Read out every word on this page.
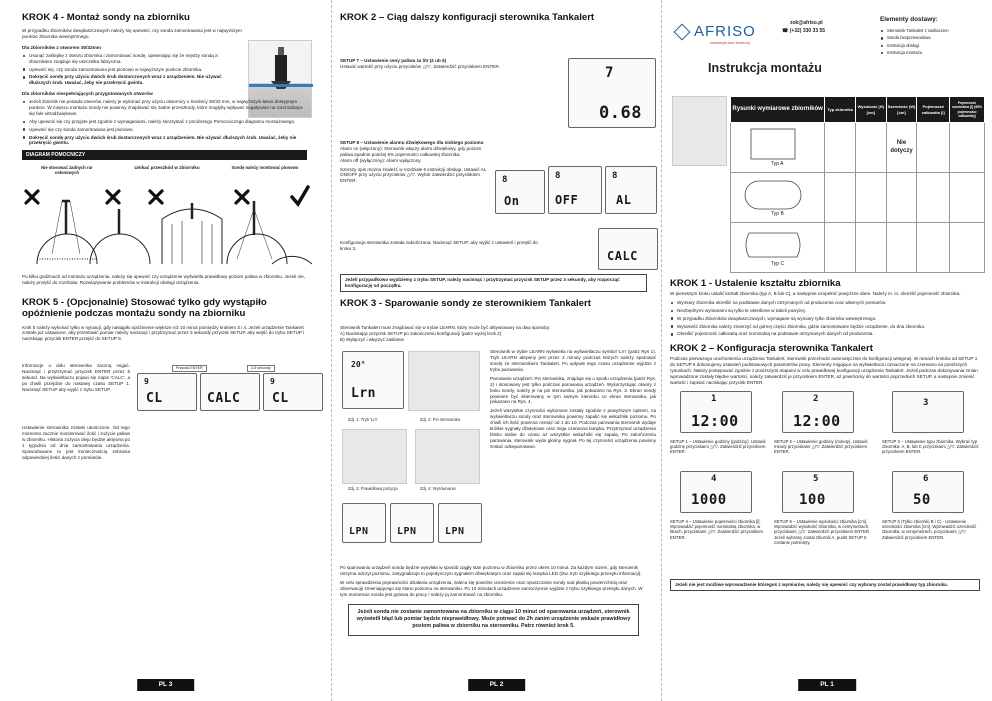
KROK 4 - Montaż sondy na zbiorniku

W przypadku zbiorników dwupłaszczowych należy się upewnić, czy sonda zamontowana jest w najwyższym punkcie zbiornika wewnętrznego.

Dla zbiorników z otworem 30/32mm
Usunąć zaślepkę z otworu zbiornika i zamontować sondę, upewniając się że między sondą a zbiornikiem znajduje się uszczelka fabryczna.
Upewnić się, czy sonda zamontowana jest pionowo w najwyższym punkcie zbiornika.
Dokręcić sondę przy użyciu dwóch śrub dostarczonych wraz z urządzeniem. Nie używać dłuższych śrub. Uważać, żeby nie przekręcić gwintu.
Dla zbiorników niespełniających przygotowanych otworów
Jeżeli zbiornik nie posiada otworów, należy je wykonać przy użyciu otwornicy o średnicy 30/32 mm, w najwyższym łatwo dostępnym punkcie. W miejscu montażu sondy nie powinny znajdować się żadne przeszkody, które mogłyby wpływać negatywnie na rozchodzące się fale ultradźwiękowe.
Aby upewnić się czy przyjęte jest zgodne z wymaganiami, należy skorzystać z poniższego Pomocniczego diagramu montażowego.
Upewnić się czy sonda zamontowana jest pionowo.
Dokręcić sondę przy użyciu dwóch śrub dostarczonych wraz z urządzeniem. Nie używać dłuższych śrub. Uważać, żeby nie przekręcić gwintu.
DIAGRAM POMOCNICZY
Nie stosować żadnych rur osłonowych
Unikać przeszkód w zbiorniku	Sondę należy montować pionowo

Po kilku godzinach od montażu urządzenia, należy się upewnić czy urządzenie wyświetla prawidłowy poziom paliwa w zbiorniku. Jeżeli nie, należy przejść do rozdziału: Rozwiązywanie problemów w instrukcji obsługi urządzenia.

KROK 5 - (Opcjonalnie) Stosować tylko gdy wystąpiło opóźnienie podczas montażu sondy na zbiorniku

Krok 5 należy wykonać tylko w sytuacji, gdy nastąpiło opóźnienie większe niż 10 minut pomiędzy krokiem 3 i 4. Jeżeli urządzenie Tankalert zostało już ustawione, aby przestawić pomiar należy nacisnąć i przytrzymać przez 3 sekundy przycisk SETUP, aby wejść do trybu SETUP i naciskając przycisk ENTER przejść do SETUP 9.

Informacje u dołu sterownika zaczną migać. Nacisnąć i przytrzymać przycisk ENTER przez 5 sekund. Na wyświetlaczu pojawi się napis 'CALC', a po chwili przejdzie do nastawy czasu SETUP 1. Nacisnąć SETUP aby wyjść z trybu SETUP.

Ustawienie sterownika zostało ukończone. Od tego momentu zacznie monitorować ilość i zużycie paliwa w zbiorniku. Historia zużycia oleju będzie aktywna po 1 tygodniu od dnia zamontowania urządzenia. Spowodowane to jest koniecznością zebrania odpowiedniej ilości danych z pomiarów.

Przycisk ENTER	2-5 sekundy
9
CL	CALC
9
CL
PL 3
KROK 2 – Ciąg dalszy konfiguracji sterownika Tankalert

SETUP 7 – Ustawienie ceny paliwa za litr (£ ub $)

Ustawić wartość przy użyciu przycisków △/▽. Zatwierdzić przyciskiem ENTER.	7
0.68

SETUP 8 – Ustawienie alarmu dźwiękowego dla niskiego poziomu

Alarm on (włączony): Sterownik włączy alarm dźwiękowy, gdy poziom paliwa spadnie poniżej 5% pojemności całkowitej zbiornika.

Alarm off (wyłączony): Alarm wyłączony.

Szerszy opis można znaleźć w rozdziale 6 instrukcji obsługi. Ustawić AL ON/OFF przy użyciu przycisków △/▽. Wybór zatwierdzić przyciskiem ENTER.	8
On
8
OFF
8
AL

Konfiguracja sterownika została zakończona. Nacisnąć SETUP, aby wyjść z ustawień i przejść do kroku 3.

CALC
Jeżeli przypadkowo wyjdziemy z trybu SETUP, należy nacisnąć i przytrzymać przycisk SETUP przez 3 sekundy, aby rozpocząć konfigurację od początku.
KROK 3 - Sparowanie sondy ze sterownikiem Tankalert

Sterownik Tankalert musi znajdować się w trybie LEARN, który może być aktywowany na dwa sposoby:
A) Naciskając przycisk SETUP po zakończeniu konfiguracji (patrz wyżej krok 2)
B) Wyłączyć i włączyć zasilanie

Lrn
20°
Zdj. 1: Tryb 'Lrn'	Zdj. 2: Pin sterownika
Zdj. 3: Prawidłowa pozycja	Zdj. 4: Wyrównanie

Sterownik w trybie LEARN wyświetla na wyświetlaczu symbol 'Lrn' (patrz Rys 1). Tryb LEARN aktywny jest przez 2 minuty podczas których należy sparować sondę ze sterownikiem Tankalert. Po upływie tego czasu urządzenie wyjdzie z trybu parowania.

Parowanie urządzeń: Pin sterownika, znajduje się u spodu urządzenia (patrz Rys. 2) i stosowany jest tylko podczas parowania urządzeń. Wykorzystując otwory z boku sondy, należy je na pin sterownika, jak pokazano na Rys. 3. Ekran sondy powinien być skierowany w tym samym kierunku co ekran sterownika, jak pokazano na Rys. 4.

Jeżeli wszystkie czynności wykonane zostały zgodnie z powyższym opisem, na wyświetlaczu sondy oraz sterownika powinny zapalić się wskaźniki poziomu. Po chwili ich ilość powinna rosnąć od 1 do 10. Podczas parowania sterownik wydaje krótkie sygnały dźwiękowe oraz miga czerwona lampka. Przytrzymać urządzenia blisko siebie do czasu aż wszystkie wskaźniki się zapalą. Po zakończeniu parowania, sterownik wyda głośny sygnał. Po tej czynności urządzenia powinny zostać odseparowane.

LPN	LPN	LPN

Po sparowaniu urządzeń sonda będzie wysyłała w sposób ciągły stan poziomu w zbiorniku przez okres 10 minut. Za każdym razem, gdy sterownik otrzyma odczyt poziomu, zasygnalizuje to pojedynczym sygnałem dźwiękowym oraz zapali się lampka LED (tzw. tryb szybkiego przesyłu informacji).

W celu sprawdzenia poprawności działania urządzenia, zaleca się powolne unoszenie oraz opuszczanie sondy nad płaską powierzchnią oraz obserwację zmieniającego się stanu poziomu na sterowniku. Po 10 minutach urządzenie samoczynnie wyjdzie z trybu szybkiego przesyłu danych. W tym momencie sonda jest gotowa do pracy i należy ją zamontować na zbiorniku.

Jeżeli sonda nie zostanie zamontowana na zbiorniku w ciągu 10 minut od sparowania urządzeń, sterownik wyświetli błąd lub pomiar będzie nieprawidłowy. Może potrwać do 2h zanim urządzenie wskaże prawidłowy poziom paliwa w zbiorniku na sterowniku. Patrz również krok 5.
PL 2
AFRISO
instalacja pod kontrolą
zok@afriso.pl
☎ (+32) 330 33 55
Instrukcja montażu
Elementy dostawy:
Sterownik Tankalert z zasilaczem
Sonda bezprzewodowa
Instrukcja obsługi
Instrukcja montażu
Rysunki wymiarowe zbiorników	Typ zbiornika	Wysokość (H) [cm]	Szerokość (W) [cm]	Pojemność całkowita [l]	Pojemność nominalna [l] (95% pojemności całkowitej)

Typ A			Nie dotyczy		

Typ B					

Typ C					

KROK 1 - Ustalenie kształtu zbiornika

W pierwszym kroku ustalić kształt zbiornika (typ A, B lub C), a następnie uzupełnić powyższe dane. Należy m. in. określić pojemność zbiornika.

Wymiary zbiornika określić na podstawie danych otrzymanych od producenta oraz własnych pomiarów.
Niezbędnymi wymiarami są tylko te określone w tabeli powyżej.
W przypadku zbiorników dwupłaszczowych, wymagane są wymiary tylko zbiornika wewnętrznego.
Wysokość zbiornika należy zmierzyć od górnej części zbiornika, gdzie zamontowane będzie urządzenie, do dna zbiornika.
Określić pojemność całkowitą oraz nominalną na podstawie otrzymanych danych od producenta.
KROK 2 – Konfiguracja sterownika Tankalert

Podczas pierwszego uruchomienia urządzenia Tankalert, sterownik przechodzi automatycznie do konfiguracji wstępnej. W ramach kroków od SETUP 1 do SETUP 6 dokonujemy ustawień podstawowych parametrów pracy. Elementy migające na wyświetlaczu oznaczone na czerwono na poniższych rysunkach. Należy postępować zgodnie z poniższymi etapami w celu prawidłowej konfiguracji urządzenia Tankalert. Jeżeli podczas dokonywania zmian wprowadzone zostały błędne wartości, należy zatwierdzić je przyciskiem ENTER, aż powrócimy do wartości poprzednich SETUP, a następnie zmienić wartość i zapisać naciskając przycisk ENTER.

1
12:00
2
12:00
3

SETUP 1 – Ustawienie godziny (godziny). Ustawić godzinę przyciskami △/▽. Zatwierdzić przyciskiem ENTER.

SETUP 2 – Ustawienie godziny (minuty). Ustawić minuty przyciskami △/▽. Zatwierdzić przyciskiem ENTER.

SETUP 3 – Ustawienie typu zbiornika. Wybrać typ zbiornika: A, B, lub C przyciskami △/▽. Zatwierdzić przyciskiem ENTER.

4
1000
5
100
6
50

SETUP 4 – Ustawienie pojemności zbiornika [l]. Wprowadzić pojemność nominalną zbiornika, w litrach, przyciskami △/▽. Zatwierdzić przyciskiem ENTER.

SETUP 5 – Ustawienie wysokości zbiornika [cm]. Wprowadzić wysokość zbiornika, w centymetrach, przyciskami △/▽. Zatwierdzić przyciskiem ENTER. Jeżeli wybrany został zbiornik A, punkt SETUP 6 zostanie pominięty.

SETUP 6 (Tylko zbiorniki B i C) - Ustawienie szerokości zbiornika [cm]. Wprowadzić szerokość zbiornika, w centymetrach, przyciskami △/▽. Zatwierdzić przyciskiem ENTER.

Jeżeli nie jest możliwe wprowadzenie któregoś z wymiarów, należy się upewnić czy wybrany został prawidłowy typ zbiornika.
PL 1
